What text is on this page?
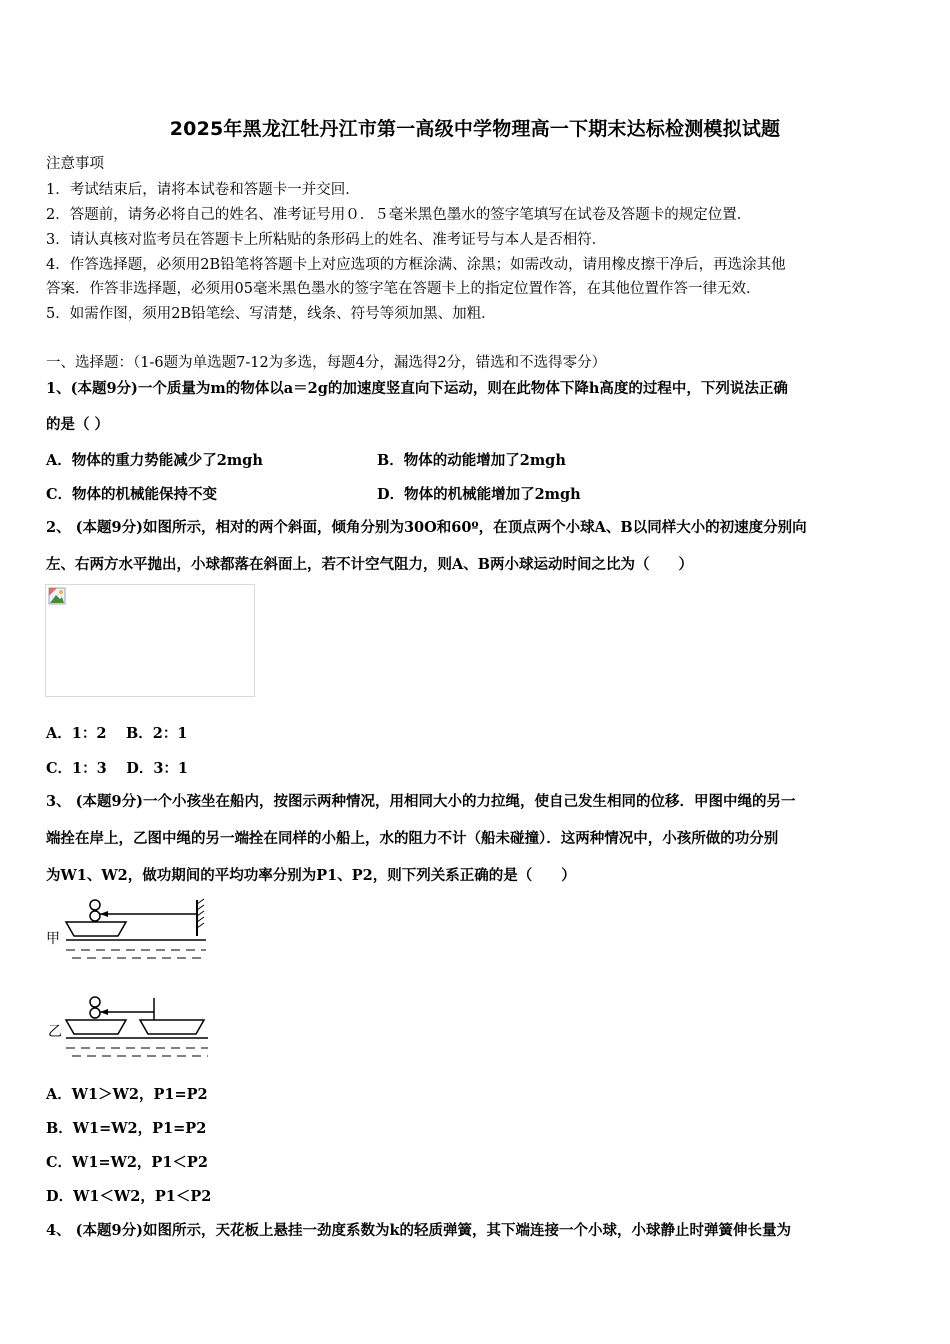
2025年黑龙江牡丹江市第一高级中学物理高一下期末达标检测模拟试题
注意事项
1．考试结束后，请将本试卷和答题卡一并交回．
2．答题前，请务必将自己的姓名、准考证号用０．５毫米黑色墨水的签字笔填写在试卷及答题卡的规定位置．
3．请认真核对监考员在答题卡上所粘贴的条形码上的姓名、准考证号与本人是否相符．
4．作答选择题，必须用2B铅笔将答题卡上对应选项的方框涂满、涂黑；如需改动，请用橡皮擦干净后，再选涂其他
答案．作答非选择题，必须用05毫米黑色墨水的签字笔在答题卡上的指定位置作答，在其他位置作答一律无效．
5．如需作图，须用2B铅笔绘、写清楚，线条、符号等须加黑、加粗．
一、选择题：（1-6题为单选题7-12为多选，每题4分，漏选得2分，错选和不选得零分）
1、(本题9分)一个质量为m的物体以a＝2g的加速度竖直向下运动，则在此物体下降h高度的过程中，下列说法正确
的是（ ）
A．物体的重力势能减少了2mgh	B．物体的动能增加了2mgh
C．物体的机械能保持不变	D．物体的机械能增加了2mgh
2、 (本题9分)如图所示，相对的两个斜面，倾角分别为30O和60º，在顶点两个小球A、B以同样大小的初速度分别向
左、右两方水平抛出，小球都落在斜面上，若不计空气阻力，则A、B两小球运动时间之比为（　　）
A．1：2　 B．2：1
C．1：3　 D．3：1
3、 (本题9分)一个小孩坐在船内，按图示两种情况，用相同大小的力拉绳，使自己发生相同的位移．甲图中绳的另一
端拴在岸上，乙图中绳的另一端拴在同样的小船上，水的阻力不计（船未碰撞）．这两种情况中，小孩所做的功分别
为W1、W2，做功期间的平均功率分别为P1、P2，则下列关系正确的是（　　）
甲
乙
A．W1＞W2，P1=P2
B．W1=W2，P1=P2
C．W1=W2，P1＜P2
D．W1＜W2，P1＜P2
4、 (本题9分)如图所示，天花板上悬挂一劲度系数为k的轻质弹簧，其下端连接一个小球，小球静止时弹簧伸长量为
